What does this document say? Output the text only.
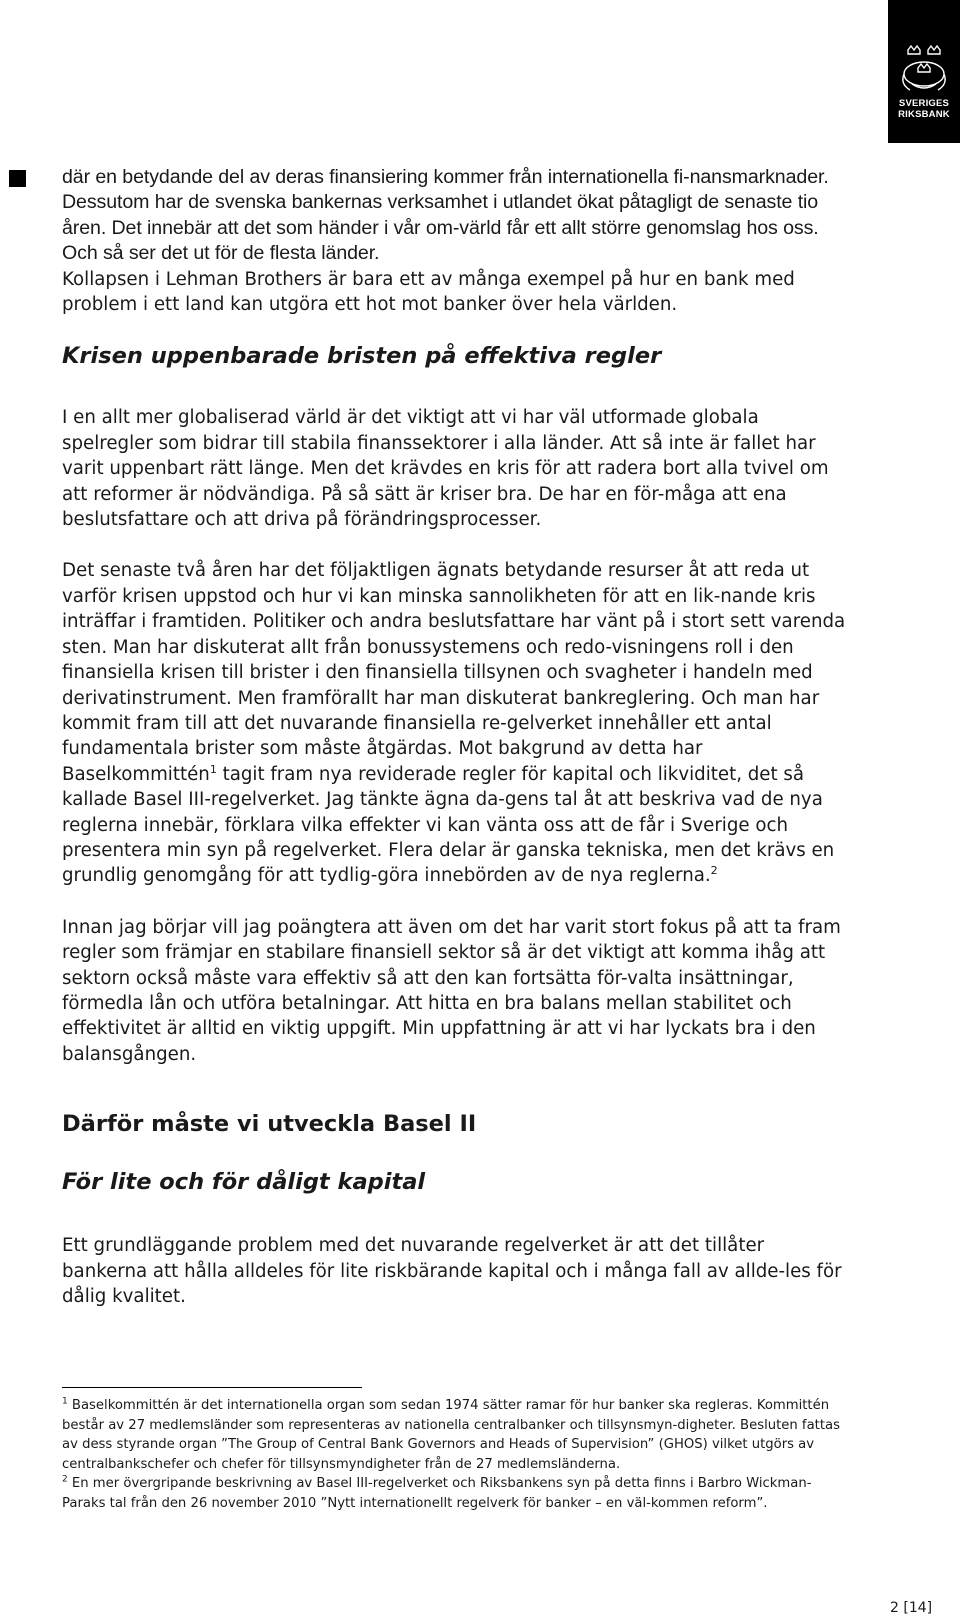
SVERIGES
RIKSBANK

där en betydande del av deras finansiering kommer från internationella fi-nansmarknader. Dessutom har de svenska bankernas verksamhet i utlandet ökat påtagligt de senaste tio åren. Det innebär att det som händer i vår om-värld får ett allt större genomslag hos oss. Och så ser det ut för de flesta länder.

Kollapsen i Lehman Brothers är bara ett av många exempel på hur en bank med problem i ett land kan utgöra ett hot mot banker över hela världen.

Krisen uppenbarade bristen på effektiva regler

I en allt mer globaliserad värld är det viktigt att vi har väl utformade globala spelregler som bidrar till stabila finanssektorer i alla länder. Att så inte är fallet har varit uppenbart rätt länge. Men det krävdes en kris för att radera bort alla tvivel om att reformer är nödvändiga. På så sätt är kriser bra. De har en för-måga att ena beslutsfattare och att driva på förändringsprocesser.

Det senaste två åren har det följaktligen ägnats betydande resurser åt att reda ut varför krisen uppstod och hur vi kan minska sannolikheten för att en lik-nande kris inträffar i framtiden. Politiker och andra beslutsfattare har vänt på i stort sett varenda sten. Man har diskuterat allt från bonussystemens och redo-visningens roll i den finansiella krisen till brister i den finansiella tillsynen och svagheter i handeln med derivatinstrument. Men framförallt har man diskuterat bankreglering. Och man har kommit fram till att det nuvarande finansiella re-gelverket innehåller ett antal fundamentala brister som måste åtgärdas. Mot bakgrund av detta har Baselkommittén$^1$ tagit fram nya reviderade regler för kapital och likviditet, det så kallade Basel III-regelverket. Jag tänkte ägna da-gens tal åt att beskriva vad de nya reglerna innebär, förklara vilka effekter vi kan vänta oss att de får i Sverige och presentera min syn på regelverket. Flera delar är ganska tekniska, men det krävs en grundlig genomgång för att tydlig-göra innebörden av de nya reglerna.$^2$

Innan jag börjar vill jag poängtera att även om det har varit stort fokus på att ta fram regler som främjar en stabilare finansiell sektor så är det viktigt att komma ihåg att sektorn också måste vara effektiv så att den kan fortsätta för-valta insättningar, förmedla lån och utföra betalningar. Att hitta en bra balans mellan stabilitet och effektivitet är alltid en viktig uppgift. Min uppfattning är att vi har lyckats bra i den balansgången.

Därför måste vi utveckla Basel II
För lite och för dåligt kapital

Ett grundläggande problem med det nuvarande regelverket är att det tillåter bankerna att hålla alldeles för lite riskbärande kapital och i många fall av allde-les för dålig kvalitet.

$^1$ Baselkommittén är det internationella organ som sedan 1974 sätter ramar för hur banker ska regleras. Kommittén består av 27 medlemsländer som representeras av nationella centralbanker och tillsynsmyn-digheter. Besluten fattas av dess styrande organ ”The Group of Central Bank Governors and Heads of Supervision” (GHOS) vilket utgörs av centralbankschefer och chefer för tillsynsmyndigheter från de 27 medlemsländerna.

$^2$ En mer övergripande beskrivning av Basel III-regelverket och Riksbankens syn på detta finns i Barbro Wickman-Paraks tal från den 26 november 2010 ”Nytt internationellt regelverk för banker – en väl-kommen reform”.

2 [14]
